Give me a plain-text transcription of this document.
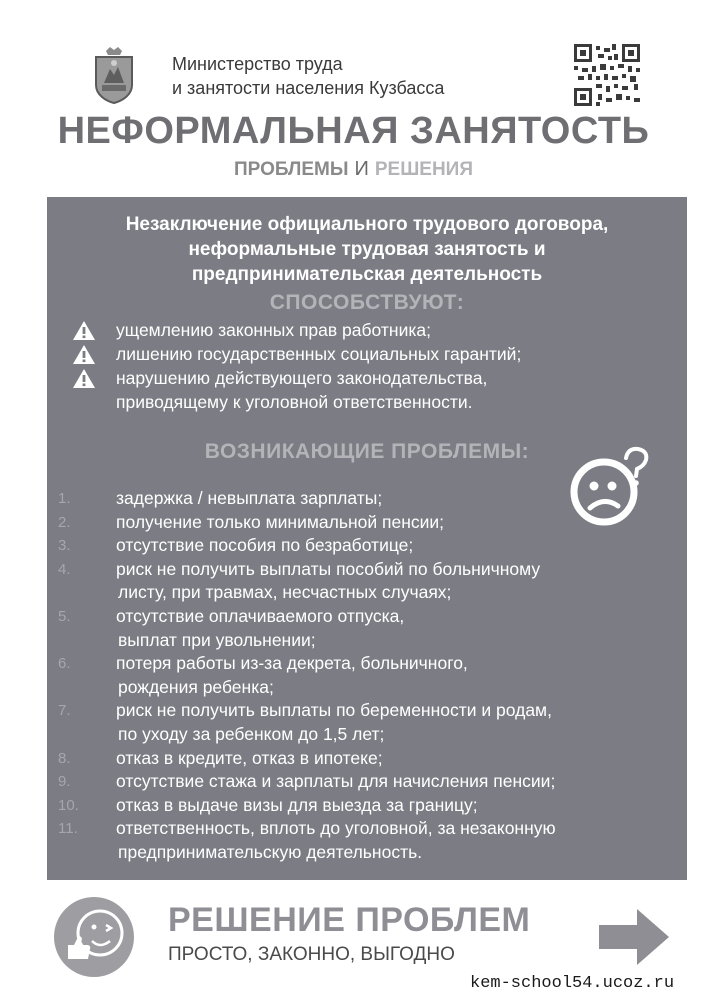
Министерство труда
и занятости населения Кузбасса
НЕФОРМАЛЬНАЯ ЗАНЯТОСТЬ
ПРОБЛЕМЫ И РЕШЕНИЯ
Незаключение официального трудового договора,
неформальные трудовая занятость и
предпринимательская деятельность
СПОСОБСТВУЮТ:
ущемлению законных прав работника;
лишению государственных социальных гарантий;
нарушению действующего законодательства,
приводящему к уголовной ответственности.
ВОЗНИКАЮЩИЕ ПРОБЛЕМЫ:
1.	задержка / невыплата зарплаты;
2.	получение только минимальной пенсии;
3.	отсутствие пособия по безработице;
4.	риск не получить выплаты пособий по больничному
листу, при травмах, несчастных случаях;
5.	отсутствие оплачиваемого отпуска,
выплат при увольнении;
6.	потеря работы из-за декрета, больничного,
рождения ребенка;
7.	риск не получить выплаты по беременности и родам,
по уходу за ребенком до 1,5 лет;
8.	отказ в кредите, отказ в ипотеке;
9.	отсутствие стажа и зарплаты для начисления пенсии;
10. отказ в выдаче визы для выезда за границу;
11. ответственность, вплоть до уголовной, за незаконную
предпринимательскую деятельность.
РЕШЕНИЕ ПРОБЛЕМ
ПРОСТО, ЗАКОННО, ВЫГОДНО
kem-school54.ucoz.ru
